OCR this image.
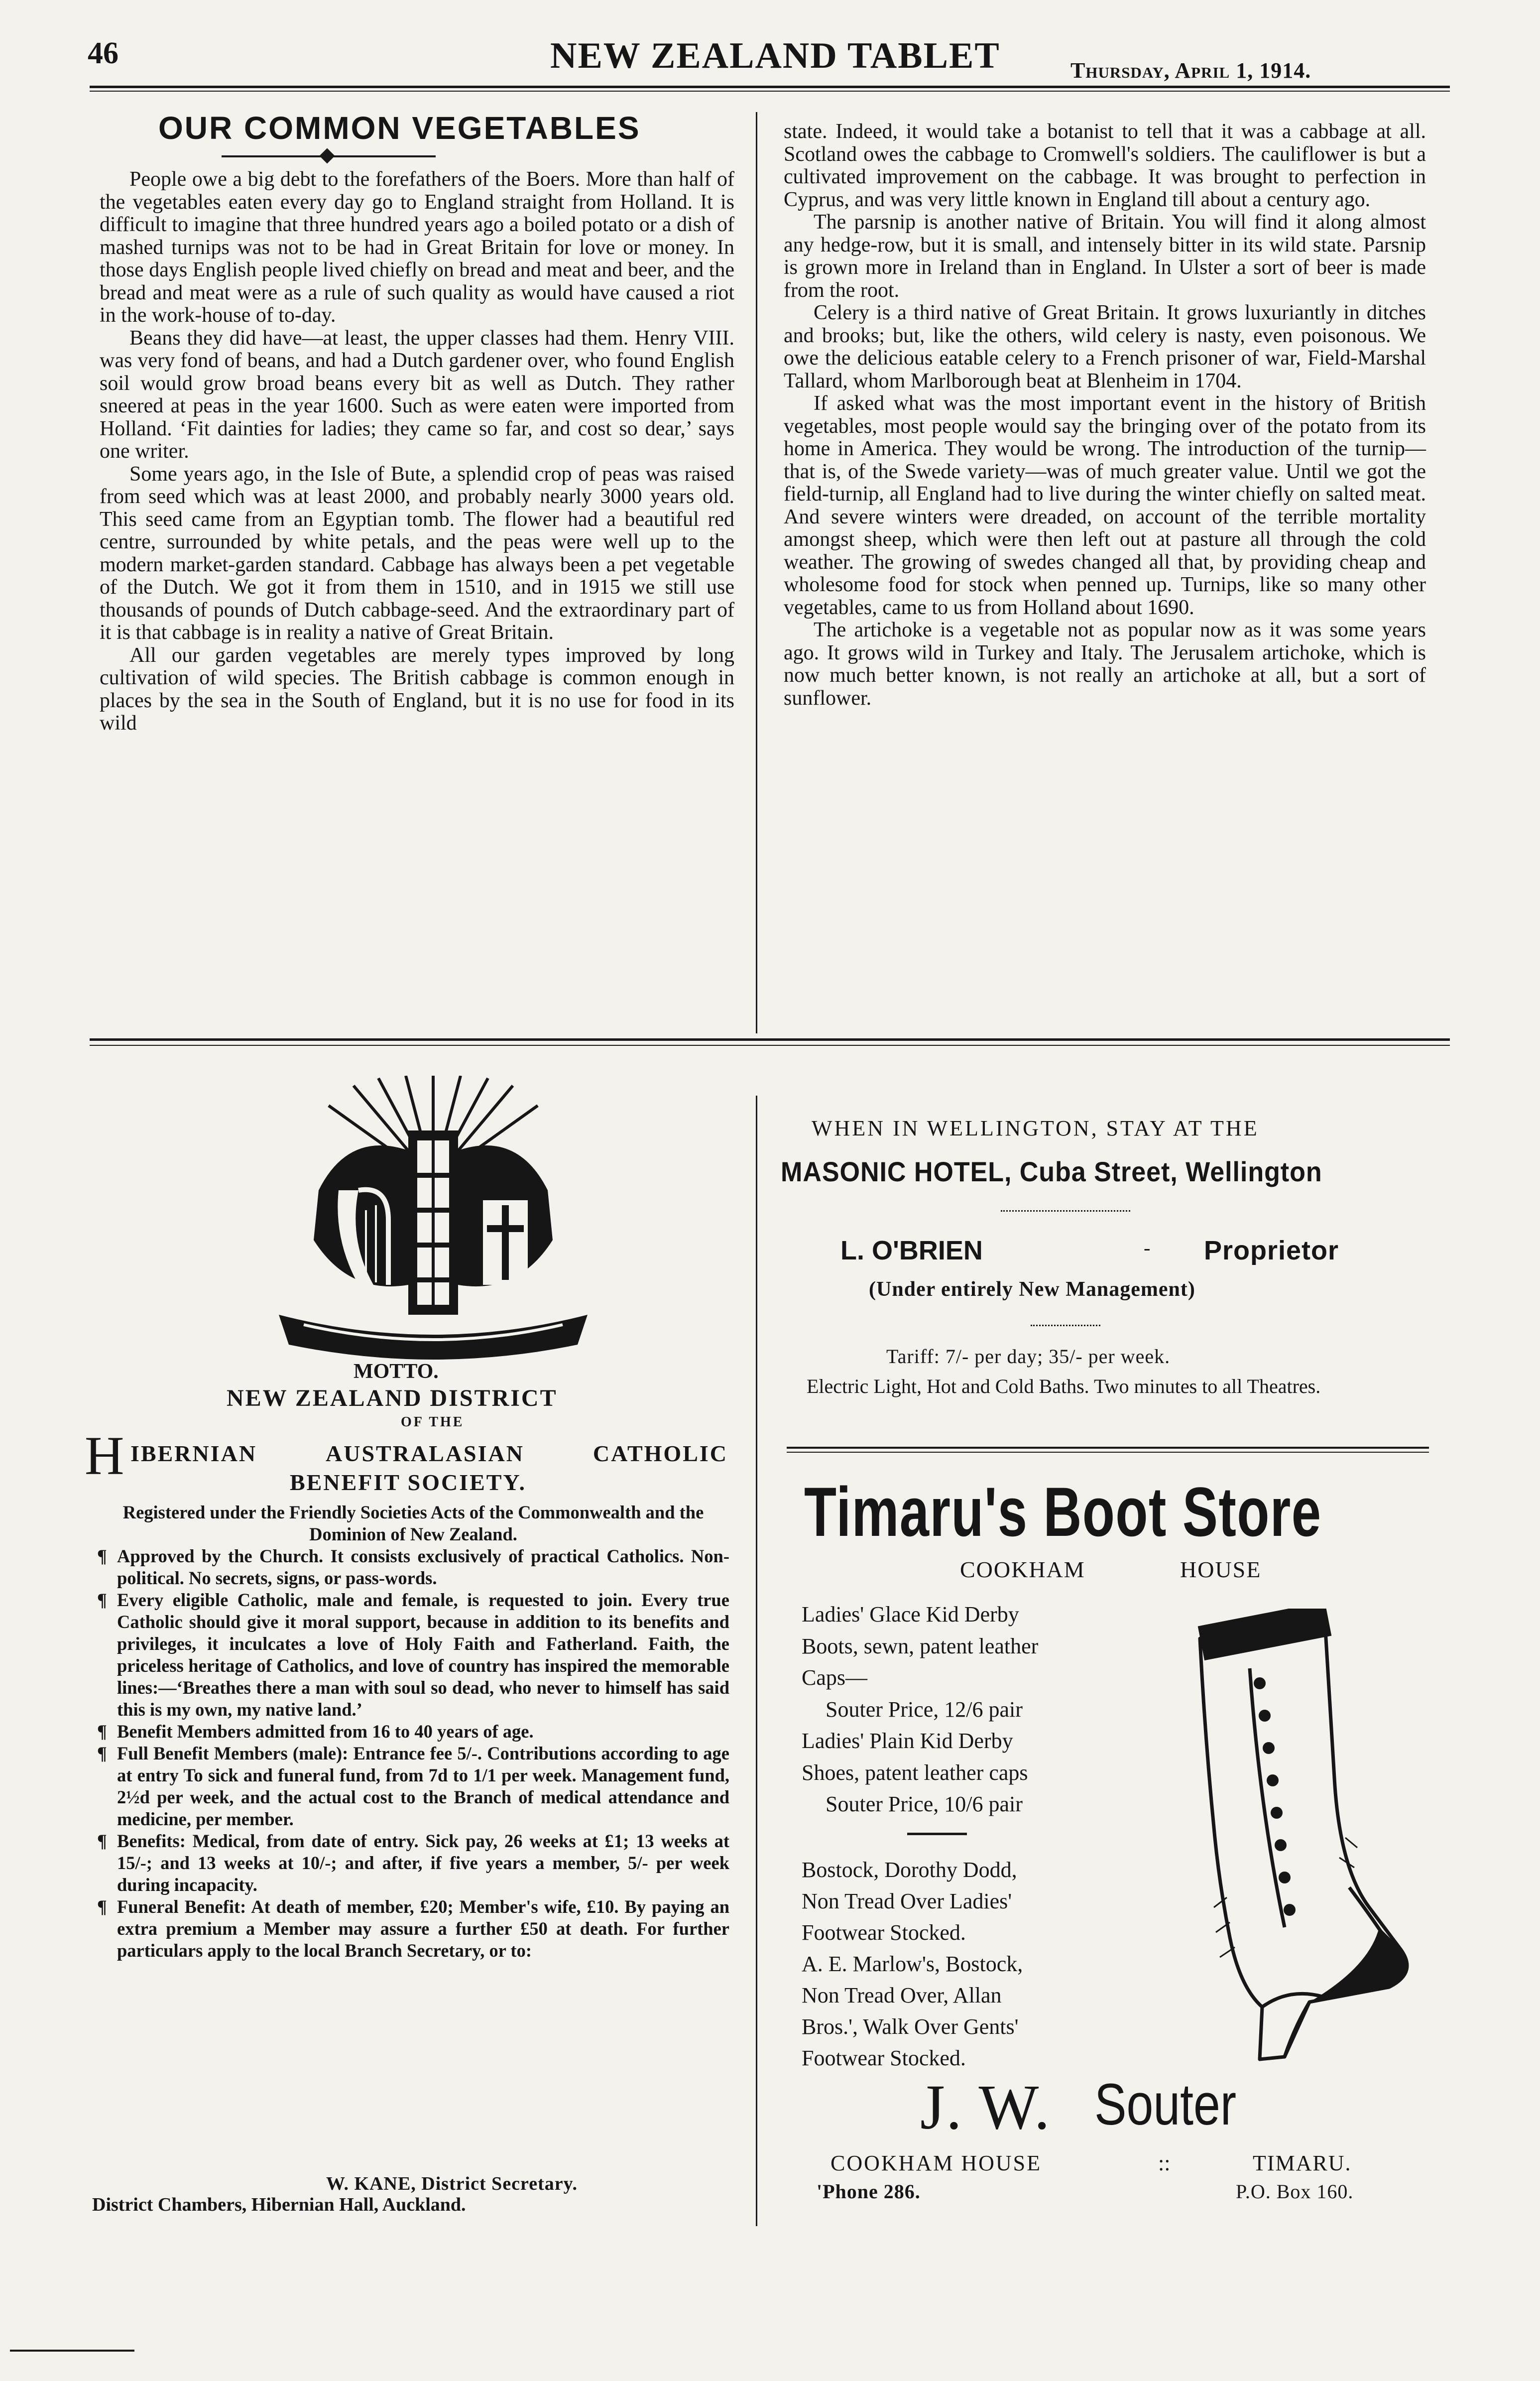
46	NEW ZEALAND TABLET	Thursday, April 1, 1914.
OUR COMMON VEGETABLES

People owe a big debt to the forefathers of the Boers. More than half of the vegetables eaten every day go to England straight from Holland. It is difficult to imagine that three hundred years ago a boiled potato or a dish of mashed turnips was not to be had in Great Britain for love or money. In those days English people lived chiefly on bread and meat and beer, and the bread and meat were as a rule of such quality as would have caused a riot in the work-house of to-day.

Beans they did have—at least, the upper classes had them. Henry VIII. was very fond of beans, and had a Dutch gardener over, who found English soil would grow broad beans every bit as well as Dutch. They rather sneered at peas in the year 1600. Such as were eaten were imported from Holland. ‘Fit dainties for ladies; they came so far, and cost so dear,’ says one writer.

Some years ago, in the Isle of Bute, a splendid crop of peas was raised from seed which was at least 2000, and probably nearly 3000 years old. This seed came from an Egyptian tomb. The flower had a beautiful red centre, surrounded by white petals, and the peas were well up to the modern market-garden standard. Cabbage has always been a pet vegetable of the Dutch. We got it from them in 1510, and in 1915 we still use thousands of pounds of Dutch cabbage-seed. And the extraordinary part of it is that cabbage is in reality a native of Great Britain.

All our garden vegetables are merely types improved by long cultivation of wild species. The British cabbage is common enough in places by the sea in the South of England, but it is no use for food in its wild

state. Indeed, it would take a botanist to tell that it was a cabbage at all. Scotland owes the cabbage to Cromwell's soldiers. The cauliflower is but a cultivated improvement on the cabbage. It was brought to perfection in Cyprus, and was very little known in England till about a century ago.

The parsnip is another native of Britain. You will find it along almost any hedge-row, but it is small, and intensely bitter in its wild state. Parsnip is grown more in Ireland than in England. In Ulster a sort of beer is made from the root.

Celery is a third native of Great Britain. It grows luxuriantly in ditches and brooks; but, like the others, wild celery is nasty, even poisonous. We owe the delicious eatable celery to a French prisoner of war, Field-Marshal Tallard, whom Marlborough beat at Blenheim in 1704.

If asked what was the most important event in the history of British vegetables, most people would say the bringing over of the potato from its home in America. They would be wrong. The introduction of the turnip—that is, of the Swede variety—was of much greater value. Until we got the field-turnip, all England had to live during the winter chiefly on salted meat. And severe winters were dreaded, on account of the terrible mortality amongst sheep, which were then left out at pasture all through the cold weather. The growing of swedes changed all that, by providing cheap and wholesome food for stock when penned up. Turnips, like so many other vegetables, came to us from Holland about 1690.

The artichoke is a vegetable not as popular now as it was some years ago. It grows wild in Turkey and Italy. The Jerusalem artichoke, which is now much better known, is not really an artichoke at all, but a sort of sunflower.

MOTTO.
NEW ZEALAND DISTRICT
OF THE
H IBERNIAN	AUSTRALASIAN	CATHOLIC
BENEFIT SOCIETY.
Registered under the Friendly Societies Acts of the Commonwealth and the Dominion of New Zealand.
¶ Approved by the Church. It consists exclusively of practical Catholics. Non-political. No secrets, signs, or pass-words.
¶ Every eligible Catholic, male and female, is requested to join. Every true Catholic should give it moral support, because in addition to its benefits and privileges, it inculcates a love of Holy Faith and Fatherland. Faith, the priceless heritage of Catholics, and love of country has inspired the memorable lines:—‘Breathes there a man with soul so dead, who never to himself has said this is my own, my native land.’
¶ Benefit Members admitted from 16 to 40 years of age.
¶ Full Benefit Members (male): Entrance fee 5/-. Contributions according to age at entry To sick and funeral fund, from 7d to 1/1 per week. Management fund, 2½d per week, and the actual cost to the Branch of medical attendance and medicine, per member.
¶ Benefits: Medical, from date of entry. Sick pay, 26 weeks at £1; 13 weeks at 15/-; and 13 weeks at 10/-; and after, if five years a member, 5/- per week during incapacity.
¶ Funeral Benefit: At death of member, £20; Member's wife, £10. By paying an extra premium a Member may assure a further £50 at death. For further particulars apply to the local Branch Secretary, or to:
W. KANE, District Secretary.
District Chambers, Hibernian Hall, Auckland.
WHEN IN WELLINGTON, STAY AT THE
MASONIC HOTEL, Cuba Street, Wellington
L. O'BRIEN	- Proprietor
(Under entirely New Management)
Tariff: 7/- per day; 35/- per week.
Electric Light, Hot and Cold Baths. Two minutes to all Theatres.
Timaru's Boot Store
COOKHAM	HOUSE
Ladies' Glace Kid Derby
Boots, sewn, patent leather
Caps—
Souter Price, 12/6 pair
Ladies' Plain Kid Derby
Shoes, patent leather caps
Souter Price, 10/6 pair
Bostock, Dorothy Dodd,
Non Tread Over Ladies'
Footwear Stocked.
A. E. Marlow's, Bostock,
Non Tread Over, Allan
Bros.', Walk Over Gents'
Footwear Stocked.
J. W. Souter
COOKHAM HOUSE	::	TIMARU.
'Phone 286.	P.O. Box 160.
